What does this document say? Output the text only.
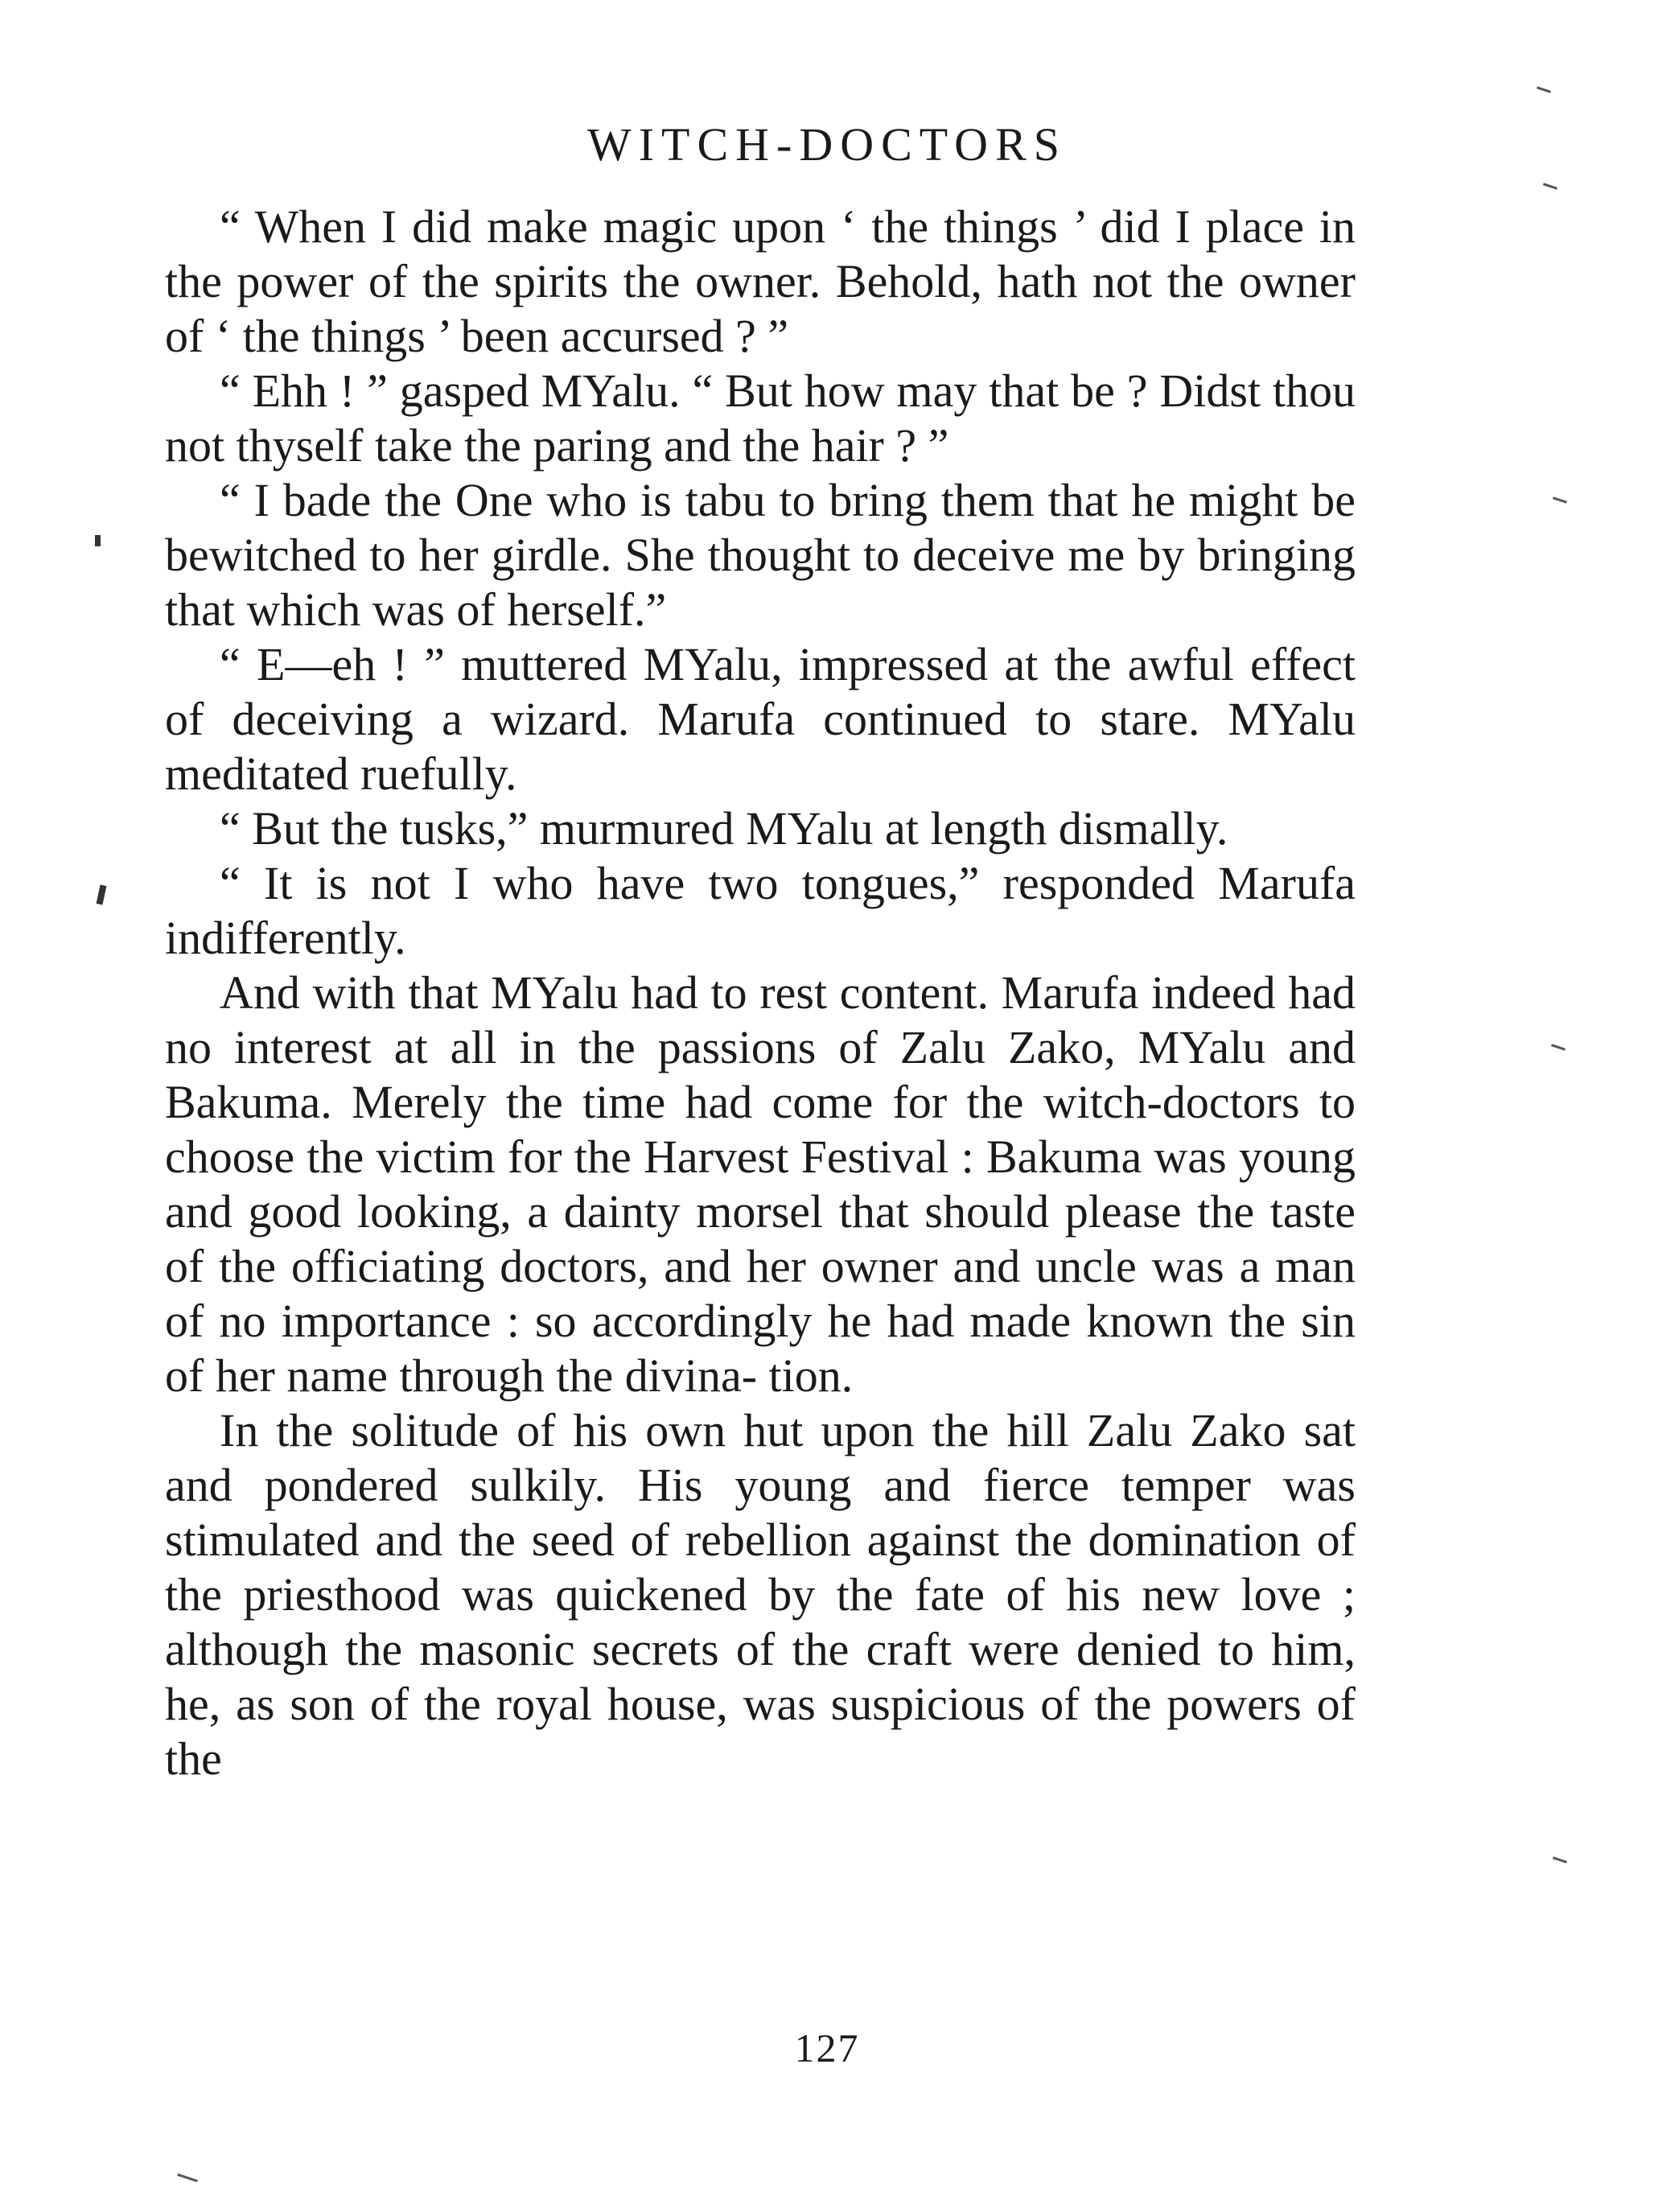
WITCH-DOCTORS

“ When I did make magic upon ‘ the things ’ did I place in the power of the spirits the owner. Behold, hath not the owner of ‘ the things ’ been accursed ? ”

“ Ehh ! ” gasped MYalu. “ But how may that be ? Didst thou not thyself take the paring and the hair ? ”

“ I bade the One who is tabu to bring them that he might be bewitched to her girdle. She thought to deceive me by bringing that which was of herself.”

“ E—eh ! ” muttered MYalu, impressed at the awful effect of deceiving a wizard. Marufa continued to stare. MYalu meditated ruefully.

“ But the tusks,” murmured MYalu at length dismally.

“ It is not I who have two tongues,” responded Marufa indifferently.

And with that MYalu had to rest content. Marufa indeed had no interest at all in the passions of Zalu Zako, MYalu and Bakuma. Merely the time had come for the witch-doctors to choose the victim for the Harvest Festival : Bakuma was young and good looking, a dainty morsel that should please the taste of the officiating doctors, and her owner and uncle was a man of no importance : so accordingly he had made known the sin of her name through the divina- tion.

In the solitude of his own hut upon the hill Zalu Zako sat and pondered sulkily. His young and fierce temper was stimulated and the seed of rebellion against the domination of the priesthood was quickened by the fate of his new love ; although the masonic secrets of the craft were denied to him, he, as son of the royal house, was suspicious of the powers of the

127
